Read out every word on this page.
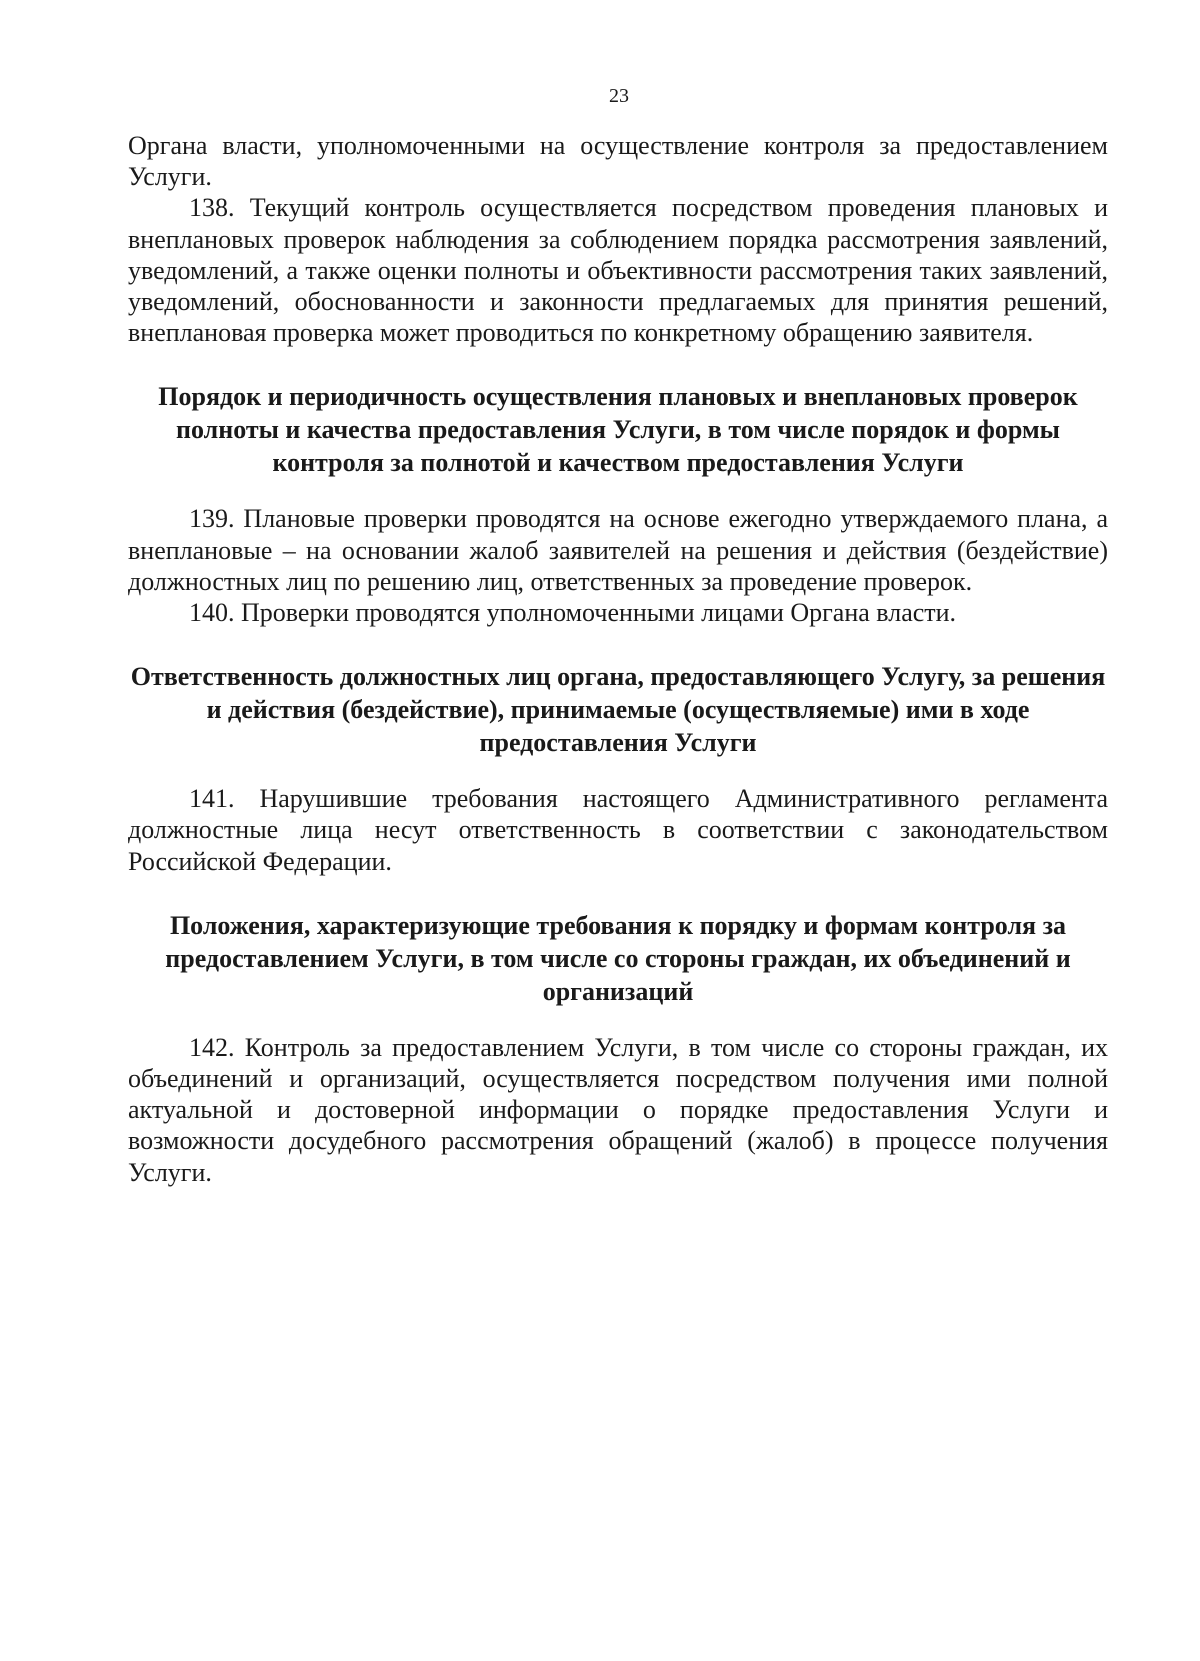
23

Органа власти, уполномоченными на осуществление контроля за предоставлением Услуги.

138. Текущий контроль осуществляется посредством проведения плановых и внеплановых проверок наблюдения за соблюдением порядка рассмотрения заявлений, уведомлений, а также оценки полноты и объективности рассмотрения таких заявлений, уведомлений, обоснованности и законности предлагаемых для принятия решений, внеплановая проверка может проводиться по конкретному обращению заявителя.

Порядок и периодичность осуществления плановых и внеплановых проверок полноты и качества предоставления Услуги, в том числе порядок и формы контроля за полнотой и качеством предоставления Услуги

139. Плановые проверки проводятся на основе ежегодно утверждаемого плана, а внеплановые – на основании жалоб заявителей на решения и действия (бездействие) должностных лиц по решению лиц, ответственных за проведение проверок.

140. Проверки проводятся уполномоченными лицами Органа власти.

Ответственность должностных лиц органа, предоставляющего Услугу, за решения и действия (бездействие), принимаемые (осуществляемые) ими в ходе предоставления Услуги

141. Нарушившие требования настоящего Административного регламента должностные лица несут ответственность в соответствии с законодательством Российской Федерации.

Положения, характеризующие требования к порядку и формам контроля за предоставлением Услуги, в том числе со стороны граждан, их объединений и организаций

142. Контроль за предоставлением Услуги, в том числе со стороны граждан, их объединений и организаций, осуществляется посредством получения ими полной актуальной и достоверной информации о порядке предоставления Услуги и возможности досудебного рассмотрения обращений (жалоб) в процессе получения Услуги.
